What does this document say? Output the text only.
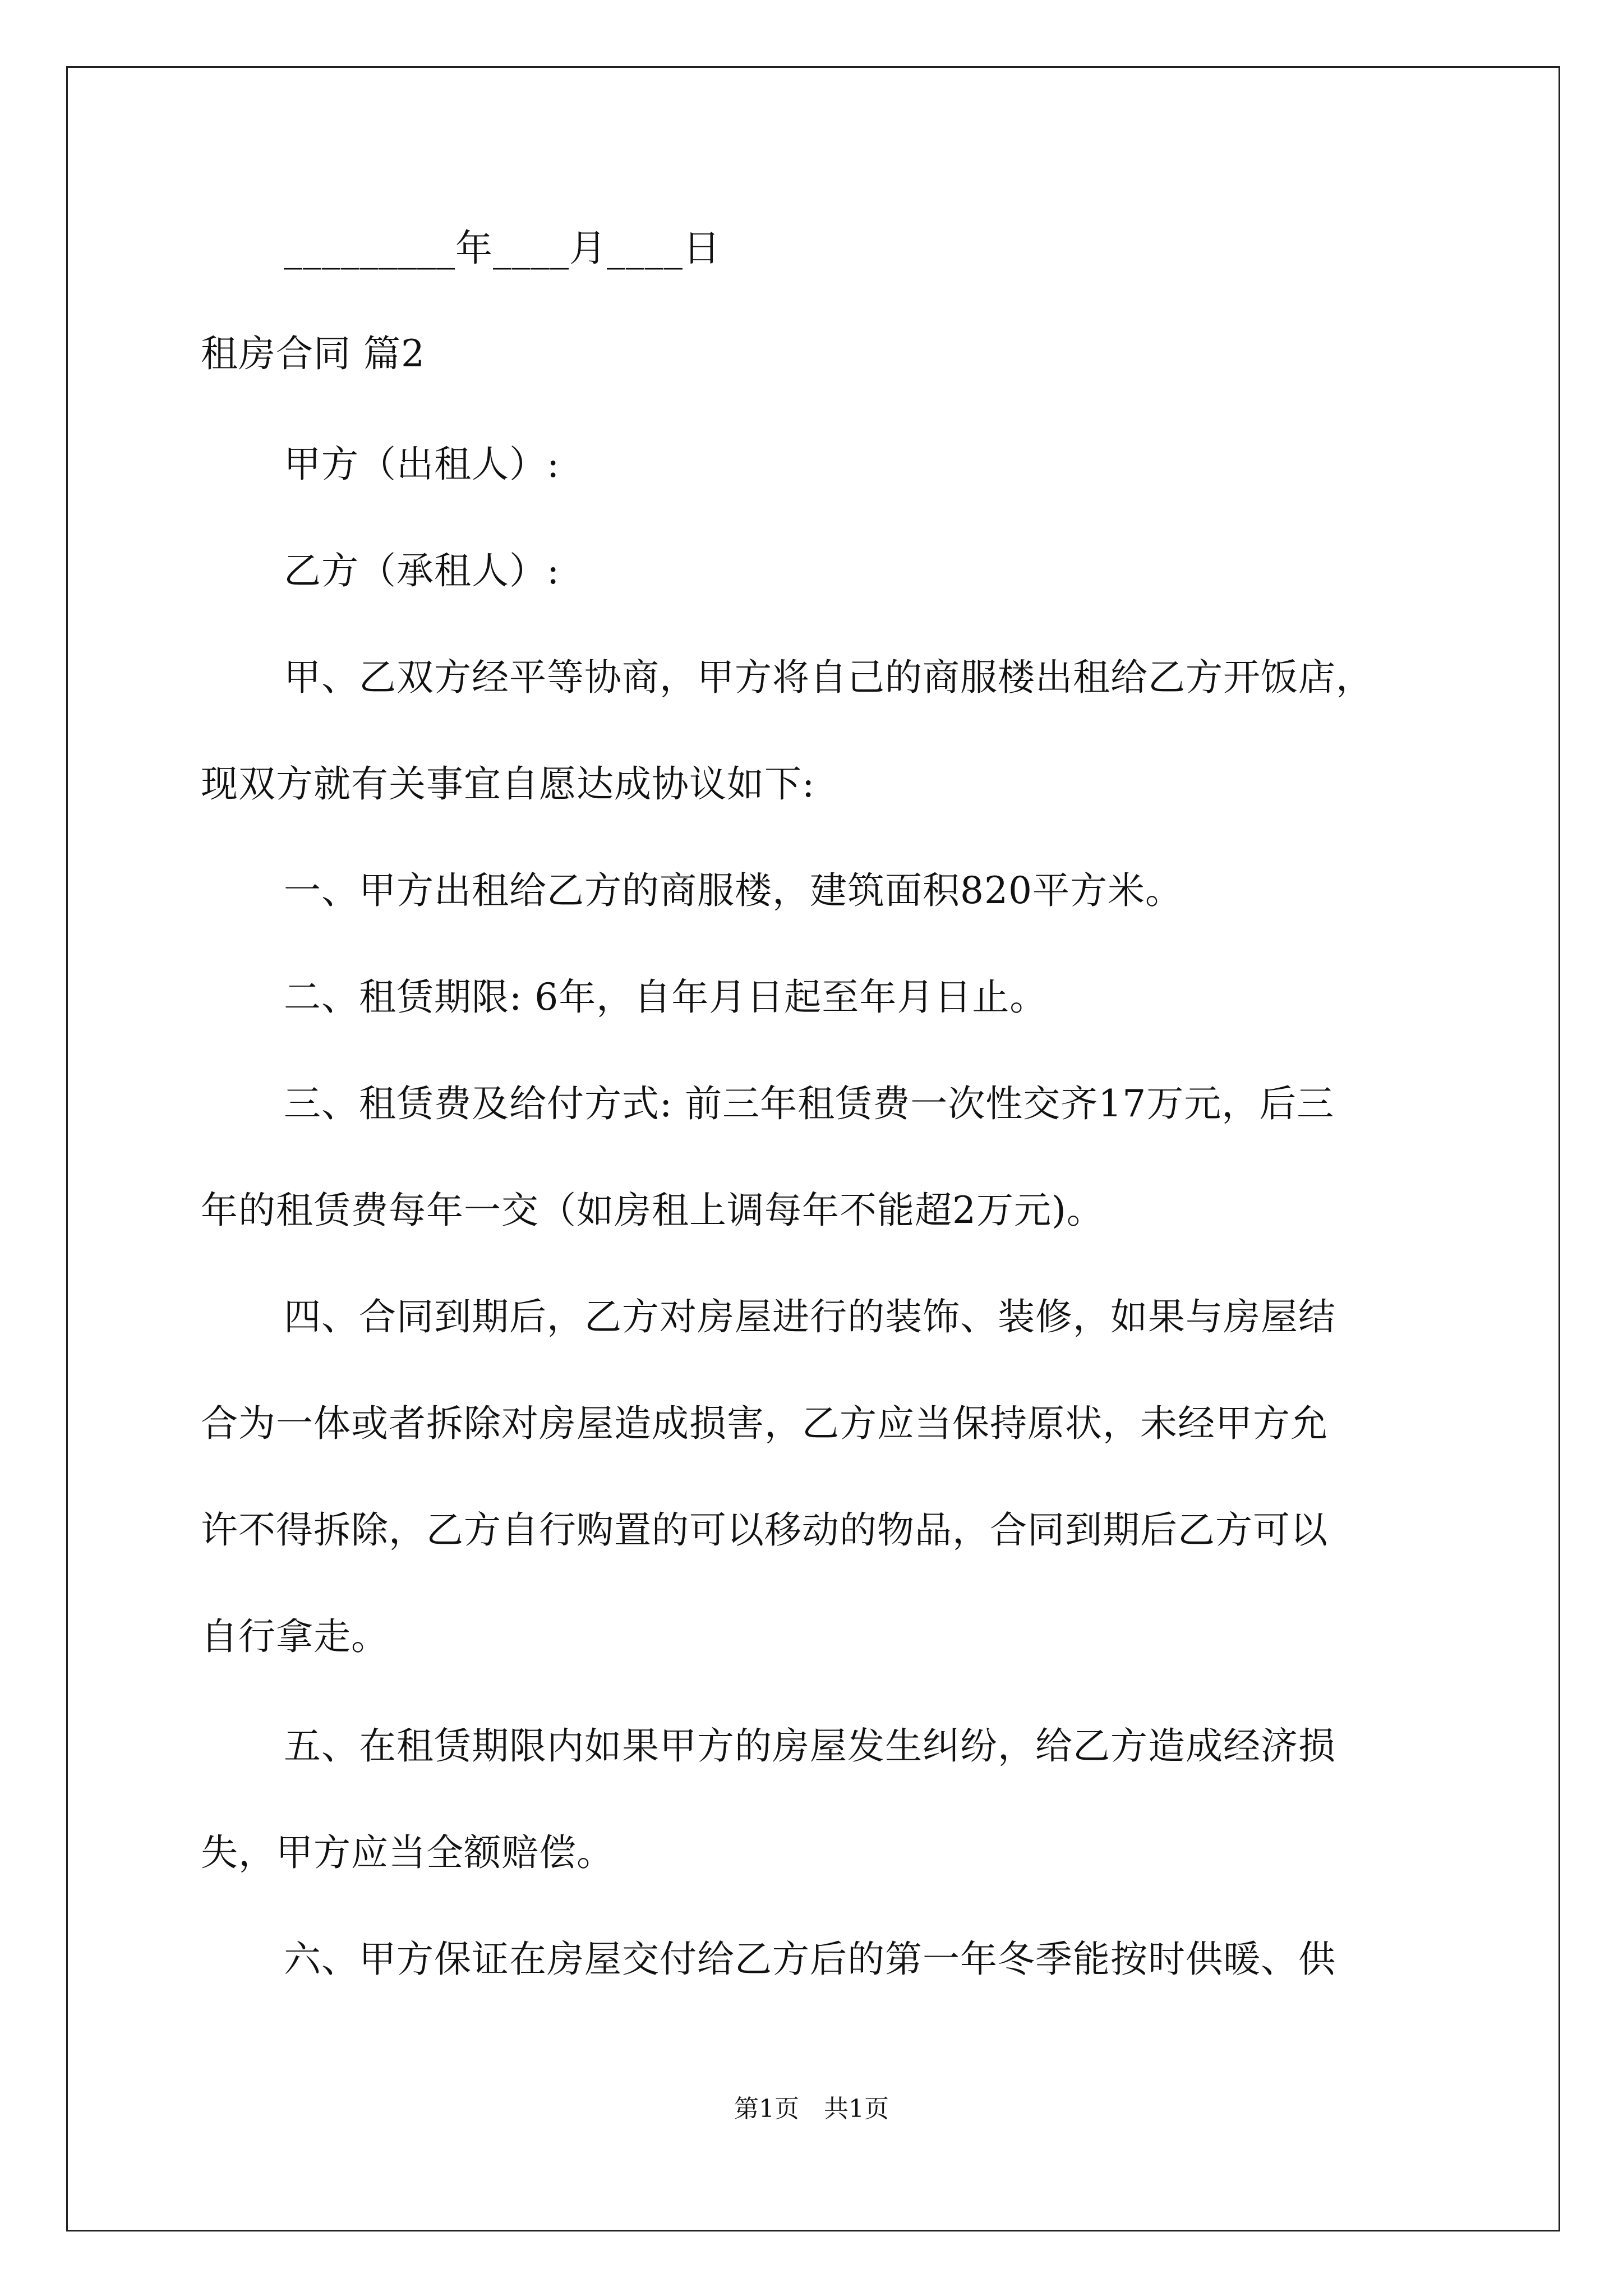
_________年____月____日
租房合同 篇2
甲方（出租人）:
乙方（承租人）:
甲、乙双方经平等协商，甲方将自己的商服楼出租给乙方开饭店，
现双方就有关事宜自愿达成协议如下:
一、甲方出租给乙方的商服楼，建筑面积820平方米。
二、租赁期限: 6年，自年月日起至年月日止。
三、租赁费及给付方式: 前三年租赁费一次性交齐17万元，后三
年的租赁费每年一交（如房租上调每年不能超2万元)。
四、合同到期后，乙方对房屋进行的装饰、装修，如果与房屋结
合为一体或者拆除对房屋造成损害，乙方应当保持原状，未经甲方允
许不得拆除，乙方自行购置的可以移动的物品，合同到期后乙方可以
自行拿走。
五、在租赁期限内如果甲方的房屋发生纠纷，给乙方造成经济损
失，甲方应当全额赔偿。
六、甲方保证在房屋交付给乙方后的第一年冬季能按时供暖、供
第1页　共1页
